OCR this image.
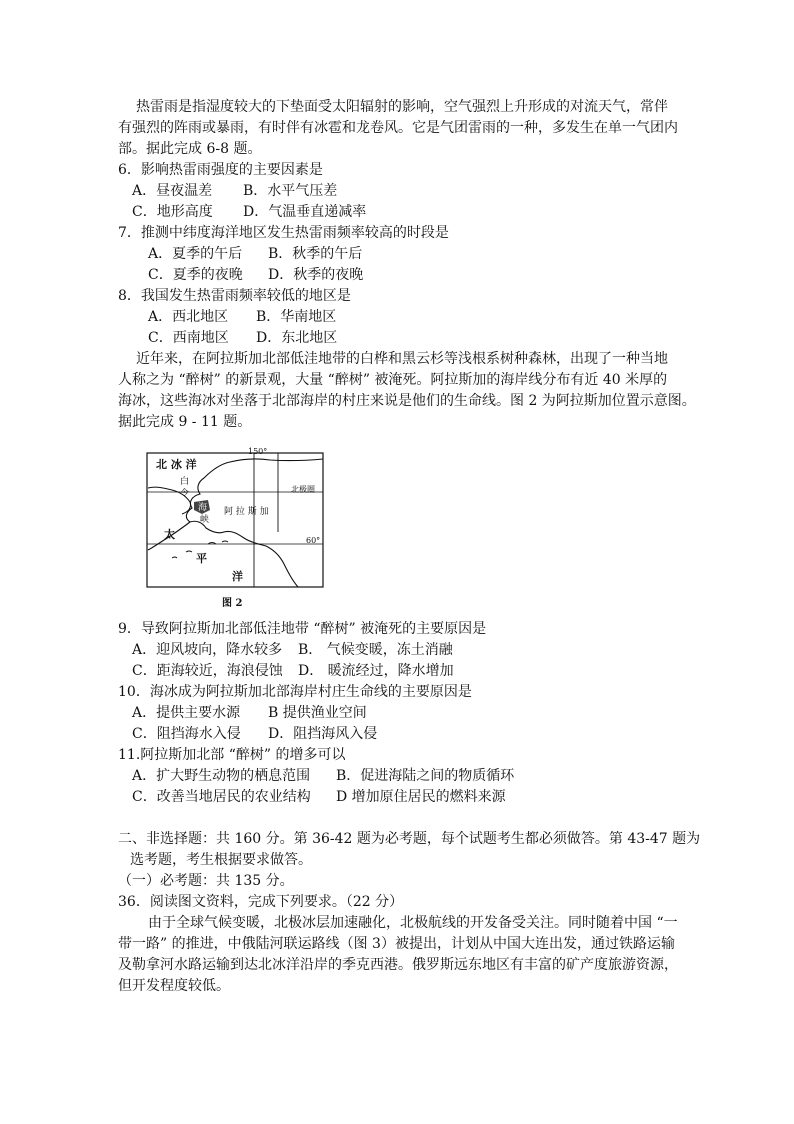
热雷雨是指湿度较大的下垫面受太阳辐射的影响，空气强烈上升形成的对流天气，常伴
有强烈的阵雨或暴雨，有时伴有冰雹和龙卷风。它是气团雷雨的一种，多发生在单一气团内
部。据此完成 6-8 题。
6．影响热雷雨强度的主要因素是
A．昼夜温差 B．水平气压差
C．地形高度 D．气温垂直递减率
7．推测中纬度海洋地区发生热雷雨频率较高的时段是
A．夏季的午后 B．秋季的午后
C．夏季的夜晚 D．秋季的夜晚
8．我国发生热雷雨频率较低的地区是
A．西北地区 B．华南地区
C．西南地区 D．东北地区
近年来，在阿拉斯加北部低洼地带的白桦和黑云杉等浅根系树种森林，出现了一种当地
人称之为 “醉树” 的新景观，大量 “醉树” 被淹死。阿拉斯加的海岸线分布有近 40 米厚的
海冰，这些海冰对坐落于北部海岸的村庄来说是他们的生命线。图 2 为阿拉斯加位置示意图。
据此完成 9 - 11 题。
北 冰 洋
白
令
海
峡
阿 拉 斯 加
北极圈
150°
60°
太
平
洋
图 2
9．导致阿拉斯加北部低洼地带 “醉树” 被淹死的主要原因是
A．迎风坡向，降水较多 B． 气候变暖，冻土消融
C．距海较近，海浪侵蚀 D． 暖流经过，降水增加
10．海冰成为阿拉斯加北部海岸村庄生命线的主要原因是
A．提供主要水源 B 提供渔业空间
C．阻挡海水入侵 D．阻挡海风入侵
11.阿拉斯加北部 “醉树” 的增多可以
A．扩大野生动物的栖息范围 B．促进海陆之间的物质循环
C．改善当地居民的农业结构 D 增加原住居民的燃料来源
二、非选择题：共 160 分。第 36-42 题为必考题，每个试题考生都必须做答。第 43-47 题为
选考题，考生根据要求做答。
（一）必考题：共 135 分。
36．阅读图文资料，完成下列要求。（22 分）
由于全球气候变暖，北极冰层加速融化，北极航线的开发备受关注。同时随着中国 “一
带一路” 的推进，中俄陆河联运路线（图 3）被提出，计划从中国大连出发，通过铁路运输
及勒拿河水路运输到达北冰洋沿岸的季克西港。俄罗斯远东地区有丰富的矿产度旅游资源，
但开发程度较低。
